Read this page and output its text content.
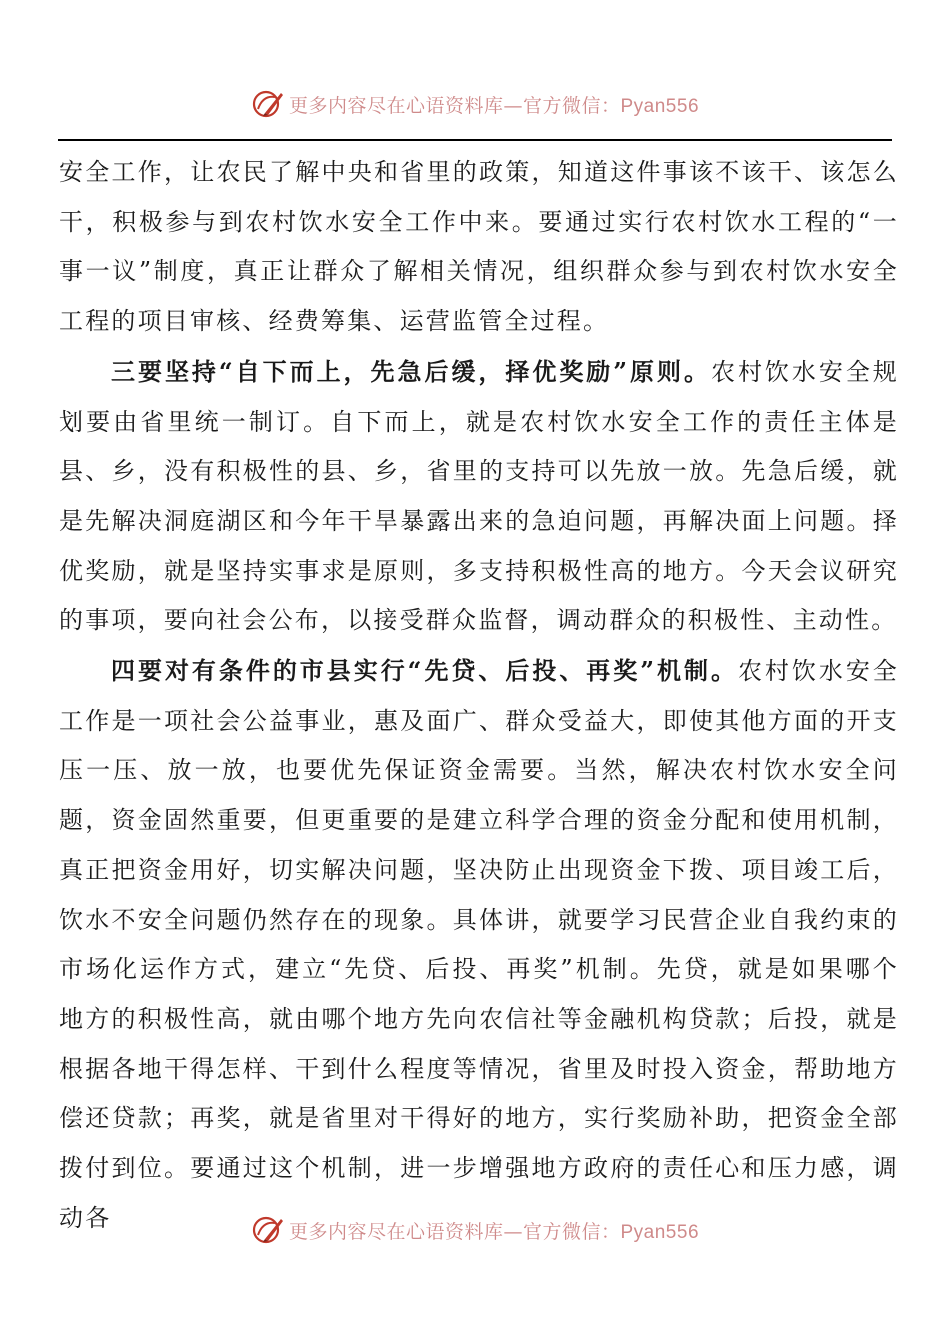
更多内容尽在心语资料库—官方微信：Pyan556

安全工作，让农民了解中央和省里的政策，知道这件事该不该干、该怎么干，积极参与到农村饮水安全工作中来。要通过实行农村饮水工程的“一事一议”制度，真正让群众了解相关情况，组织群众参与到农村饮水安全工程的项目审核、经费筹集、运营监管全过程。

三要坚持“自下而上，先急后缓，择优奖励”原则。农村饮水安全规划要由省里统一制订。自下而上，就是农村饮水安全工作的责任主体是县、乡，没有积极性的县、乡，省里的支持可以先放一放。先急后缓，就是先解决洞庭湖区和今年干旱暴露出来的急迫问题，再解决面上问题。择优奖励，就是坚持实事求是原则，多支持积极性高的地方。今天会议研究的事项，要向社会公布，以接受群众监督，调动群众的积极性、主动性。

四要对有条件的市县实行“先贷、后投、再奖”机制。农村饮水安全工作是一项社会公益事业，惠及面广、群众受益大，即使其他方面的开支压一压、放一放，也要优先保证资金需要。当然，解决农村饮水安全问题，资金固然重要，但更重要的是建立科学合理的资金分配和使用机制，真正把资金用好，切实解决问题，坚决防止出现资金下拨、项目竣工后，饮水不安全问题仍然存在的现象。具体讲，就要学习民营企业自我约束的市场化运作方式，建立“先贷、后投、再奖”机制。先贷，就是如果哪个地方的积极性高，就由哪个地方先向农信社等金融机构贷款；后投，就是根据各地干得怎样、干到什么程度等情况，省里及时投入资金，帮助地方偿还贷款；再奖，就是省里对干得好的地方，实行奖励补助，把资金全部拨付到位。要通过这个机制，进一步增强地方政府的责任心和压力感，调动各	更多内容尽在心语资料库—官方微信：Pyan556
